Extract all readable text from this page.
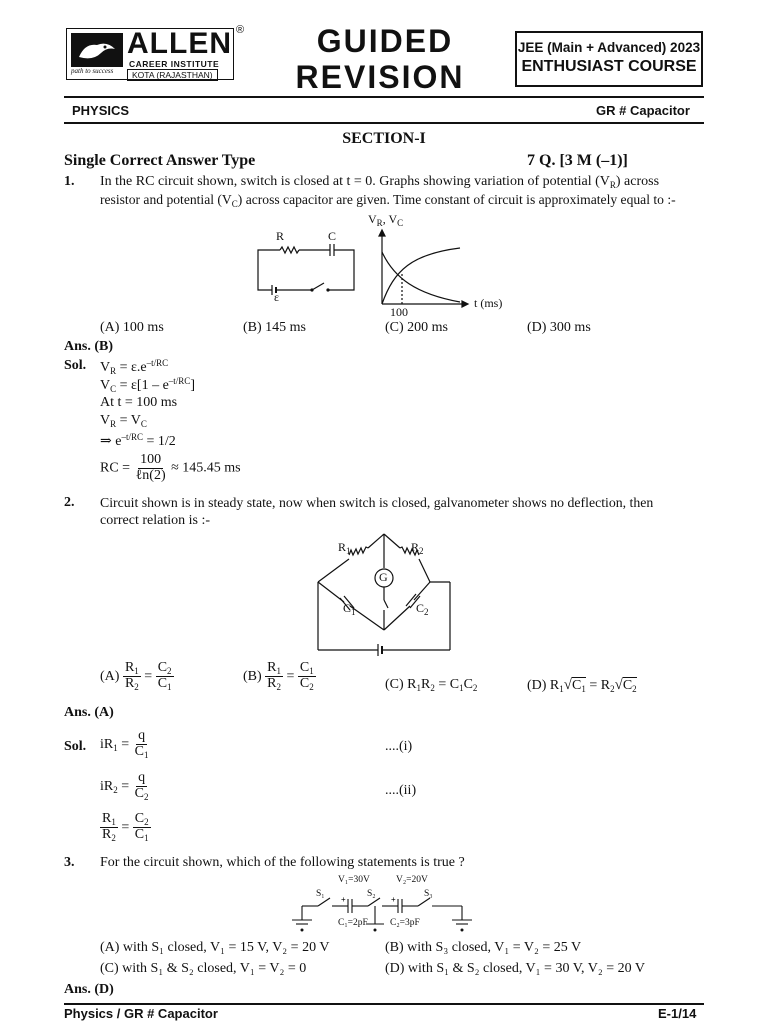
path to success
ALLEN
CAREER INSTITUTE
KOTA (RAJASTHAN)
®	GUIDED
REVISION
JEE (Main + Advanced) 2023
ENTHUSIAST COURSE
PHYSICS	GR # Capacitor
SECTION-I
Single Correct Answer Type	7 Q. [3 M (–1)]
1. In the RC circuit shown, switch is closed at t = 0. Graphs showing variation of potential $(V_R)$ across
resistor and potential $(V_C)$ across capacitor are given. Time constant of circuit is approximately equal to :-
R	C
ε
$V_R$, $V_C$
t (ms)
100
(A) 100 ms	(B) 145 ms	(C) 200 ms	(D) 300 ms
Ans. (B)
Sol. $V_R = \varepsilon.e^{-t/RC}$
$V_C = \varepsilon[1 - e^{-t/RC}]$
At t = 100 ms
$V_R = V_C$
⇒ $e^{-t/RC} = 1/2$
RC = $\frac{100}{\text{ℓn(2)}} \approx 145.45$ ms
2. Circuit shown is in steady state, now when switch is closed, galvanometer shows no deflection, then
correct relation is :-
$R_1$	$R_2$
G
$C_1$	$C_2$
$(A) \frac{R_1}{R_2} = \frac{C_2}{C_1}$	$(B) \frac{R_1}{R_2} = \frac{C_1}{C_2}$	(C) $R_1R_2 = C_1C_2$	(D) $R_1√C_1 = R_2√C_2$
Ans. (A)
Sol. $iR_1 = \frac{q}{C_1}$	....(i)
$iR_2 = \frac{q}{C_2}$	....(ii)
$\frac{R_1}{R_2} = \frac{C_2}{C_1}$
3. For the circuit shown, which of the following statements is true ?
+	+
V₁=30V	V₂=20V
S₁	S₂	S₃
C₁=2pF C₂=3pF
(A) with S₁ closed, V₁ = 15 V, V₂ = 20 V	(B) with S₃ closed, V₁ = V₂ = 25 V
(C) with S₁ & S₂ closed, V₁ = V₂ = 0	(D) with S₁ & S₂ closed, V₁ = 30 V, V₂ = 20 V
Ans. (D)
Physics / GR # Capacitor	E-1/14
